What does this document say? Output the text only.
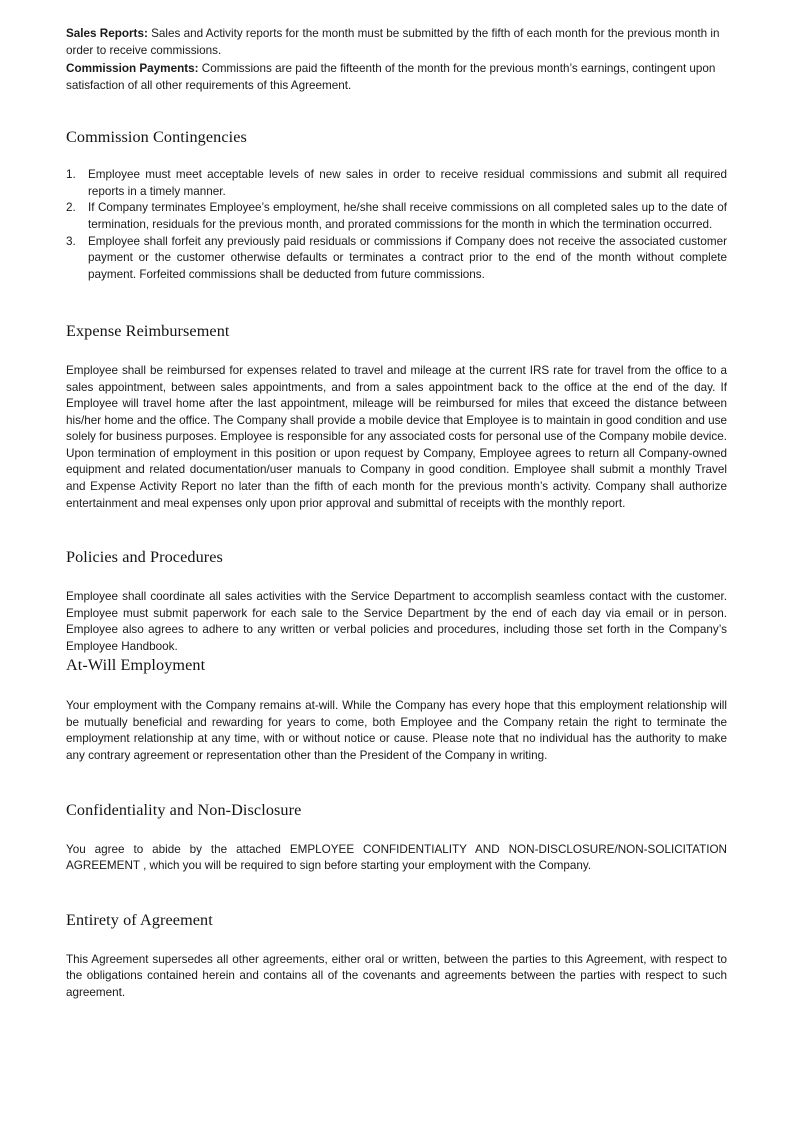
Sales Reports: Sales and Activity reports for the month must be submitted by the fifth of each month for the previous month in order to receive commissions.

Commission Payments: Commissions are paid the fifteenth of the month for the previous month’s earnings, contingent upon satisfaction of all other requirements of this Agreement.

Commission Contingencies
Employee must meet acceptable levels of new sales in order to receive residual commissions and submit all required reports in a timely manner.
If Company terminates Employee’s employment, he/she shall receive commissions on all completed sales up to the date of termination, residuals for the previous month, and prorated commissions for the month in which the termination occurred.
Employee shall forfeit any previously paid residuals or commissions if Company does not receive the associated customer payment or the customer otherwise defaults or terminates a contract prior to the end of the month without complete payment. Forfeited commissions shall be deducted from future commissions.
Expense Reimbursement

Employee shall be reimbursed for expenses related to travel and mileage at the current IRS rate for travel from the office to a sales appointment, between sales appointments, and from a sales appointment back to the office at the end of the day. If Employee will travel home after the last appointment, mileage will be reimbursed for miles that exceed the distance between his/her home and the office. The Company shall provide a mobile device that Employee is to maintain in good condition and use solely for business purposes. Employee is responsible for any associated costs for personal use of the Company mobile device. Upon termination of employment in this position or upon request by Company, Employee agrees to return all Company-owned equipment and related documentation/user manuals to Company in good condition. Employee shall submit a monthly Travel and Expense Activity Report no later than the fifth of each month for the previous month’s activity. Company shall authorize entertainment and meal expenses only upon prior approval and submittal of receipts with the monthly report.

Policies and Procedures

Employee shall coordinate all sales activities with the Service Department to accomplish seamless contact with the customer. Employee must submit paperwork for each sale to the Service Department by the end of each day via email or in person. Employee also agrees to adhere to any written or verbal policies and procedures, including those set forth in the Company’s Employee Handbook.

At-Will Employment

Your employment with the Company remains at-will. While the Company has every hope that this employment relationship will be mutually beneficial and rewarding for years to come, both Employee and the Company retain the right to terminate the employment relationship at any time, with or without notice or cause. Please note that no individual has the authority to make any contrary agreement or representation other than the President of the Company in writing.

Confidentiality and Non-Disclosure

You agree to abide by the attached EMPLOYEE CONFIDENTIALITY AND NON-DISCLOSURE/NON-SOLICITATION AGREEMENT , which you will be required to sign before starting your employment with the Company.

Entirety of Agreement

This Agreement supersedes all other agreements, either oral or written, between the parties to this Agreement, with respect to the obligations contained herein and contains all of the covenants and agreements between the parties with respect to such agreement.
